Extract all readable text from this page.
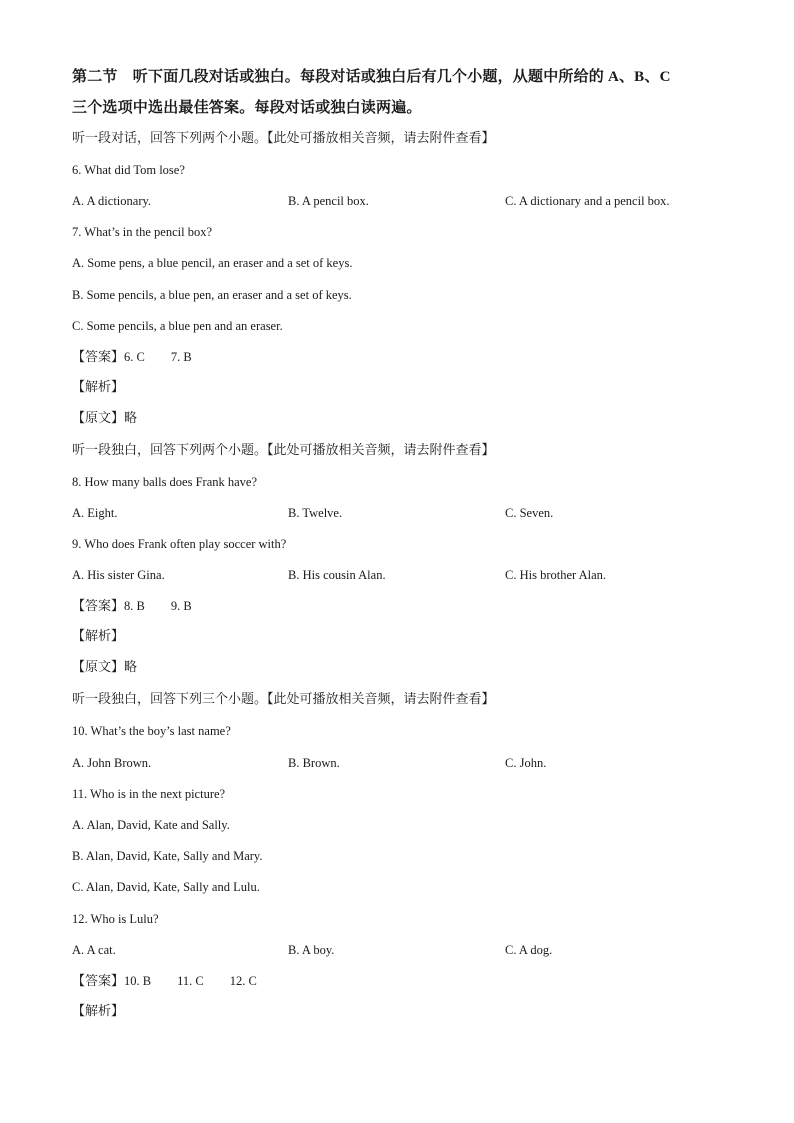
第二节　听下面几段对话或独白。每段对话或独白后有几个小题，从题中所给的 A、B、C
三个选项中选出最佳答案。每段对话或独白读两遍。
听一段对话，回答下列两个小题。【此处可播放相关音频，请去附件查看】
6. What did Tom lose?
A. A dictionary.	B. A pencil box.	C. A dictionary and a pencil box.
7. What’s in the pencil box?
A. Some pens, a blue pencil, an eraser and a set of keys.
B. Some pencils, a blue pen, an eraser and a set of keys.
C. Some pencils, a blue pen and an eraser.
【答案】6. C 7. B
【解析】
【原文】略
听一段独白，回答下列两个小题。【此处可播放相关音频，请去附件查看】
8. How many balls does Frank have?
A. Eight.	B. Twelve.	C. Seven.
9. Who does Frank often play soccer with?
A. His sister Gina.	B. His cousin Alan.	C. His brother Alan.
【答案】8. B 9. B
【解析】
【原文】略
听一段独白，回答下列三个小题。【此处可播放相关音频，请去附件查看】
10. What’s the boy’s last name?
A. John Brown.	B. Brown.	C. John.
11. Who is in the next picture?
A. Alan, David, Kate and Sally.
B. Alan, David, Kate, Sally and Mary.
C. Alan, David, Kate, Sally and Lulu.
12. Who is Lulu?
A. A cat.	B. A boy.	C. A dog.
【答案】10. B 11. C 12. C
【解析】
